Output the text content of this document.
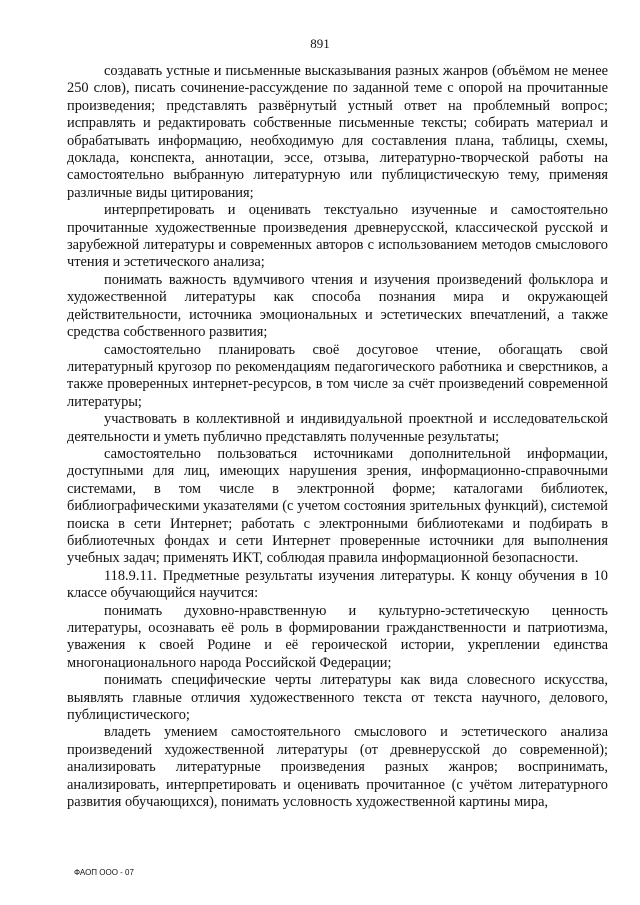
891

создавать устные и письменные высказывания разных жанров (объёмом не менее 250 слов), писать сочинение-рассуждение по заданной теме с опорой на прочитанные произведения; представлять развёрнутый устный ответ на проблемный вопрос; исправлять и редактировать собственные письменные тексты; собирать материал и обрабатывать информацию, необходимую для составления плана, таблицы, схемы, доклада, конспекта, аннотации, эссе, отзыва, литературно-творческой работы на самостоятельно выбранную литературную или публицистическую тему, применяя различные виды цитирования;

интерпретировать и оценивать текстуально изученные и самостоятельно прочитанные художественные произведения древнерусской, классической русской и зарубежной литературы и современных авторов с использованием методов смыслового чтения и эстетического анализа;

понимать важность вдумчивого чтения и изучения произведений фольклора и художественной литературы как способа познания мира и окружающей действительности, источника эмоциональных и эстетических впечатлений, а также средства собственного развития;

самостоятельно планировать своё досуговое чтение, обогащать свой литературный кругозор по рекомендациям педагогического работника и сверстников, а также проверенных интернет-ресурсов, в том числе за счёт произведений современной литературы;

участвовать в коллективной и индивидуальной проектной и исследовательской деятельности и уметь публично представлять полученные результаты;

самостоятельно пользоваться источниками дополнительной информации, доступными для лиц, имеющих нарушения зрения, информационно-справочными системами, в том числе в электронной форме; каталогами библиотек, библиографическими указателями (с учетом состояния зрительных функций), системой поиска в сети Интернет; работать с электронными библиотеками и подбирать в библиотечных фондах и сети Интернет проверенные источники для выполнения учебных задач; применять ИКТ, соблюдая правила информационной безопасности.

118.9.11. Предметные результаты изучения литературы. К концу обучения в 10 классе обучающийся научится:

понимать духовно-нравственную и культурно-эстетическую ценность литературы, осознавать её роль в формировании гражданственности и патриотизма, уважения к своей Родине и её героической истории, укреплении единства многонационального народа Российской Федерации;

понимать специфические черты литературы как вида словесного искусства, выявлять главные отличия художественного текста от текста научного, делового, публицистического;

владеть умением самостоятельного смыслового и эстетического анализа произведений художественной литературы (от древнерусской до современной); анализировать литературные произведения разных жанров; воспринимать, анализировать, интерпретировать и оценивать прочитанное (с учётом литературного развития обучающихся), понимать условность художественной картины мира,

ФАОП ООО - 07
